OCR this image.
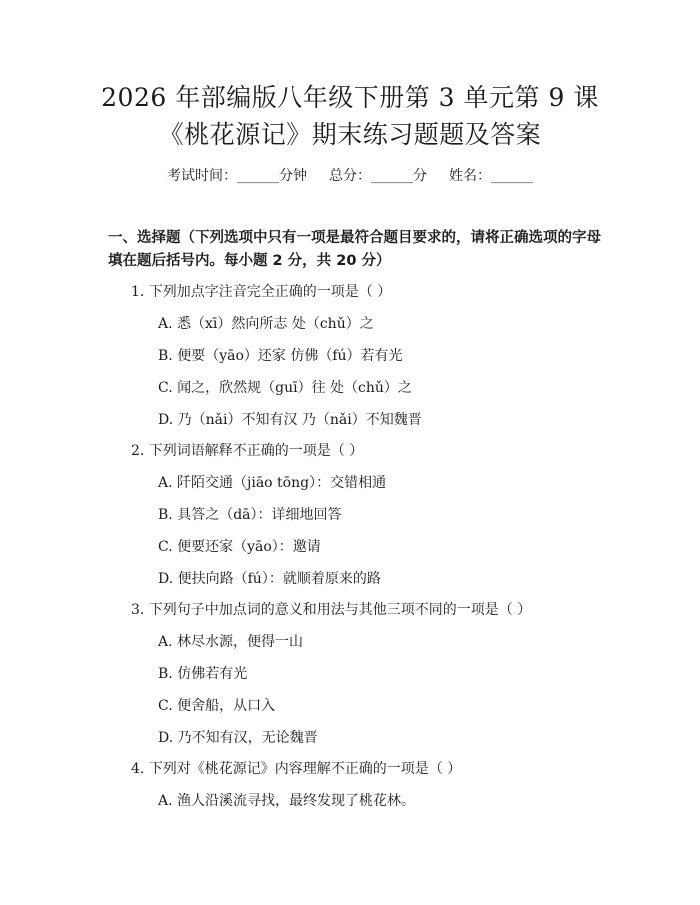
2026 年部编版八年级下册第 3 单元第 9 课
《桃花源记》期末练习题题及答案
考试时间：______分钟 总分：______分 姓名：______
一、选择题（下列选项中只有一项是最符合题目要求的，请将正确选项的字母填在题后括号内。每小题 2 分，共 20 分）
1. 下列加点字注音完全正确的一项是（ ）
A. 悉（xī）然向所志 处（chǔ）之
B. 便要（yāo）还家 仿佛（fú）若有光
C. 闻之，欣然规（guī）往 处（chǔ）之
D. 乃（nǎi）不知有汉 乃（nǎi）不知魏晋
2. 下列词语解释不正确的一项是（ ）
A. 阡陌交通（jiāo tōng）：交错相通
B. 具答之（dā）：详细地回答
C. 便要还家（yāo）：邀请
D. 便扶向路（fú）：就顺着原来的路
3. 下列句子中加点词的意义和用法与其他三项不同的一项是（ ）
A. 林尽水源，便得一山
B. 仿佛若有光
C. 便舍船，从口入
D. 乃不知有汉，无论魏晋
4. 下列对《桃花源记》内容理解不正确的一项是（ ）
A. 渔人沿溪流寻找，最终发现了桃花林。
